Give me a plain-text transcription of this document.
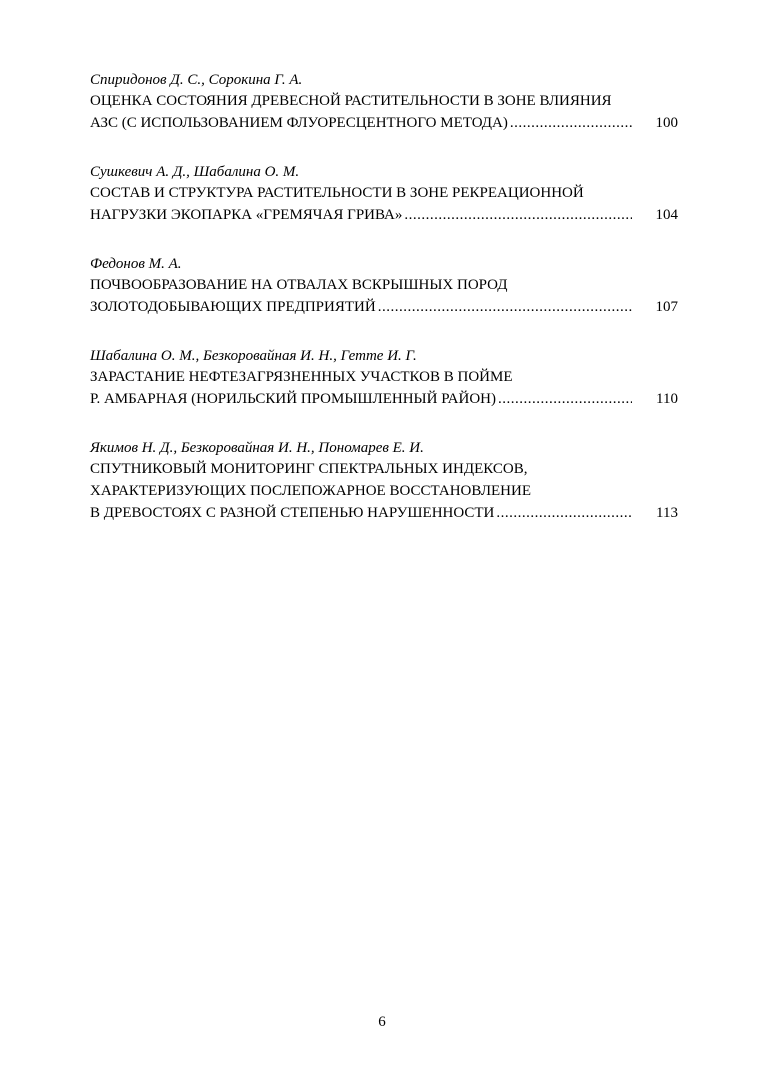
Спиридонов Д. С., Сорокина Г. А.
ОЦЕНКА СОСТОЯНИЯ ДРЕВЕСНОЙ РАСТИТЕЛЬНОСТИ В ЗОНЕ ВЛИЯНИЯ
АЗС (С ИСПОЛЬЗОВАНИЕМ ФЛУОРЕСЦЕНТНОГО МЕТОДА) .....	100
Сушкевич А. Д., Шабалина О. М.
СОСТАВ И СТРУКТУРА РАСТИТЕЛЬНОСТИ В ЗОНЕ РЕКРЕАЦИОННОЙ
НАГРУЗКИ ЭКОПАРКА «ГРЕМЯЧАЯ ГРИВА» .....	104
Федонов М. А.
ПОЧВООБРАЗОВАНИЕ НА ОТВАЛАХ ВСКРЫШНЫХ ПОРОД
ЗОЛОТОДОБЫВАЮЩИХ ПРЕДПРИЯТИЙ .....	107
Шабалина О. М., Безкоровайная И. Н., Гетте И. Г.
ЗАРАСТАНИЕ НЕФТЕЗАГРЯЗНЕННЫХ УЧАСТКОВ В ПОЙМЕ
Р. АМБАРНАЯ (НОРИЛЬСКИЙ ПРОМЫШЛЕННЫЙ РАЙОН) .....	110
Якимов Н. Д., Безкоровайная И. Н., Пономарев Е. И.
СПУТНИКОВЫЙ МОНИТОРИНГ СПЕКТРАЛЬНЫХ ИНДЕКСОВ,
ХАРАКТЕРИЗУЮЩИХ ПОСЛЕПОЖАРНОЕ ВОССТАНОВЛЕНИЕ
В ДРЕВОСТОЯХ С РАЗНОЙ СТЕПЕНЬЮ НАРУШЕННОСТИ .....	113
6
